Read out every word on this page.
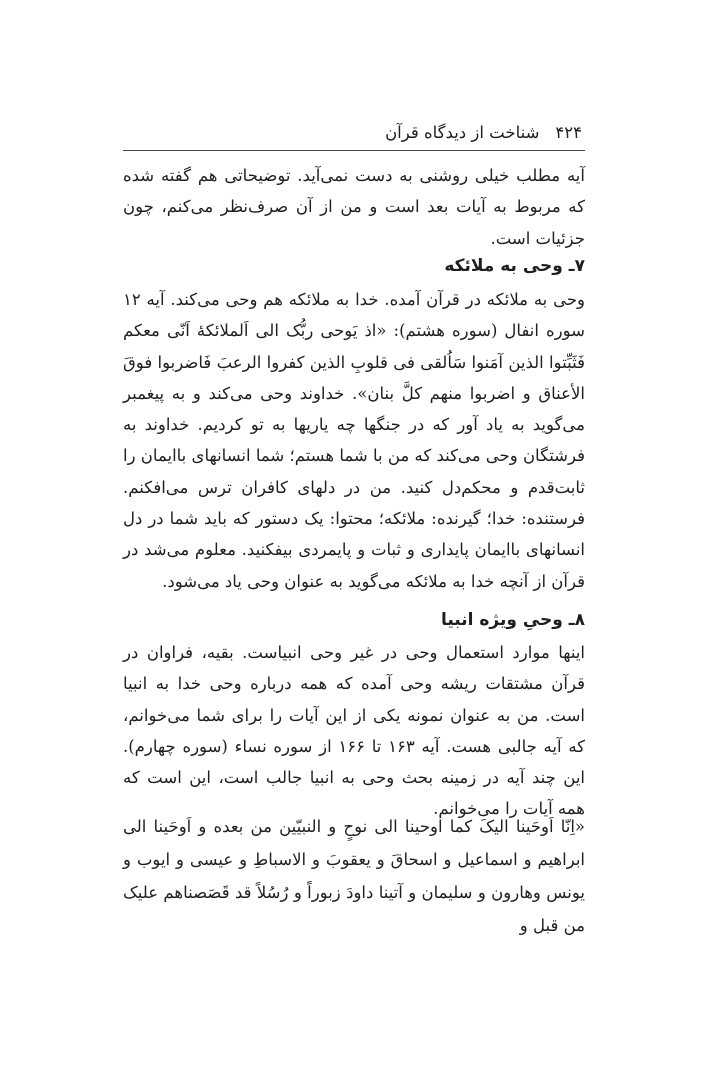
۴۲۴
شناخت از دیدگاه قرآن

آیه مطلب خیلی روشنی به دست نمی‌آید. توضیحاتی هم گفته شده که مربوط به آیات بعد است و من از آن صرف‌نظر می‌کنم، چون جزئیات است.

۷ـ وحی به ملائکه

وحی به ملائکه در قرآن آمده. خدا به ملائکه هم وحی می‌کند. آیه ۱۲ سوره انفال (سوره هشتم): «اذ یَوحی ربُّک الی اَلملائکهٔ اَنّی معکم فَثَبِّتوا الذین آمَنوا سَاُلقی فی قلوبِ الذین کفروا الرعبَ فَاضربوا فوقَ الأعناق و اضربوا منهم کلَّ بنان». خداوند وحی می‌کند و به پیغمبر می‌گوید به یاد آور که در جنگها چه یاریها به تو کردیم. خداوند به فرشتگان وحی می‌کند که من با شما هستم؛ شما انسانهای باایمان را ثابت‌قدم و محکم‌دل کنید. من در دلهای کافران ترس می‌افکنم. فرستنده: خدا؛ گیرنده: ملائکه؛ محتوا: یک دستور که باید شما در دل انسانهای باایمان پایداری و ثبات و پایمردی بیفکنید. معلوم می‌شد در قرآن از آنچه خدا به ملائکه می‌گوید به عنوان وحی یاد می‌شود.

۸ـ وحیِ ویژه انبیا

اینها موارد استعمال وحی در غیر وحی انبیاست. بقیه، فراوان در قرآن مشتقات ریشه وحی آمده که همه درباره وحی خدا به انبیا است. من به عنوان نمونه یکی از این آیات را برای شما می‌خوانم، که آیه جالبی هست. آیه ۱۶۳ تا ۱۶۶ از سوره نساء (سوره چهارم). این چند آیه در زمینه بحث وحی به انبیا جالب است، این است که همه آیات را می‌خوانم.

«اِنّا اَوحَینا الیکَ کما اوحینا الی نوحٍ و النبیّین من بعده و اَوحَینا الی ابراهیم و اسماعیل و اسحاقَ و یعقوبَ و الاسباطِ و عیسی و ایوب و یونس وهارون و سلیمان و آتینا داودَ زبوراً و رُسُلاً قد قَصَصناهم علیک من قبل و
